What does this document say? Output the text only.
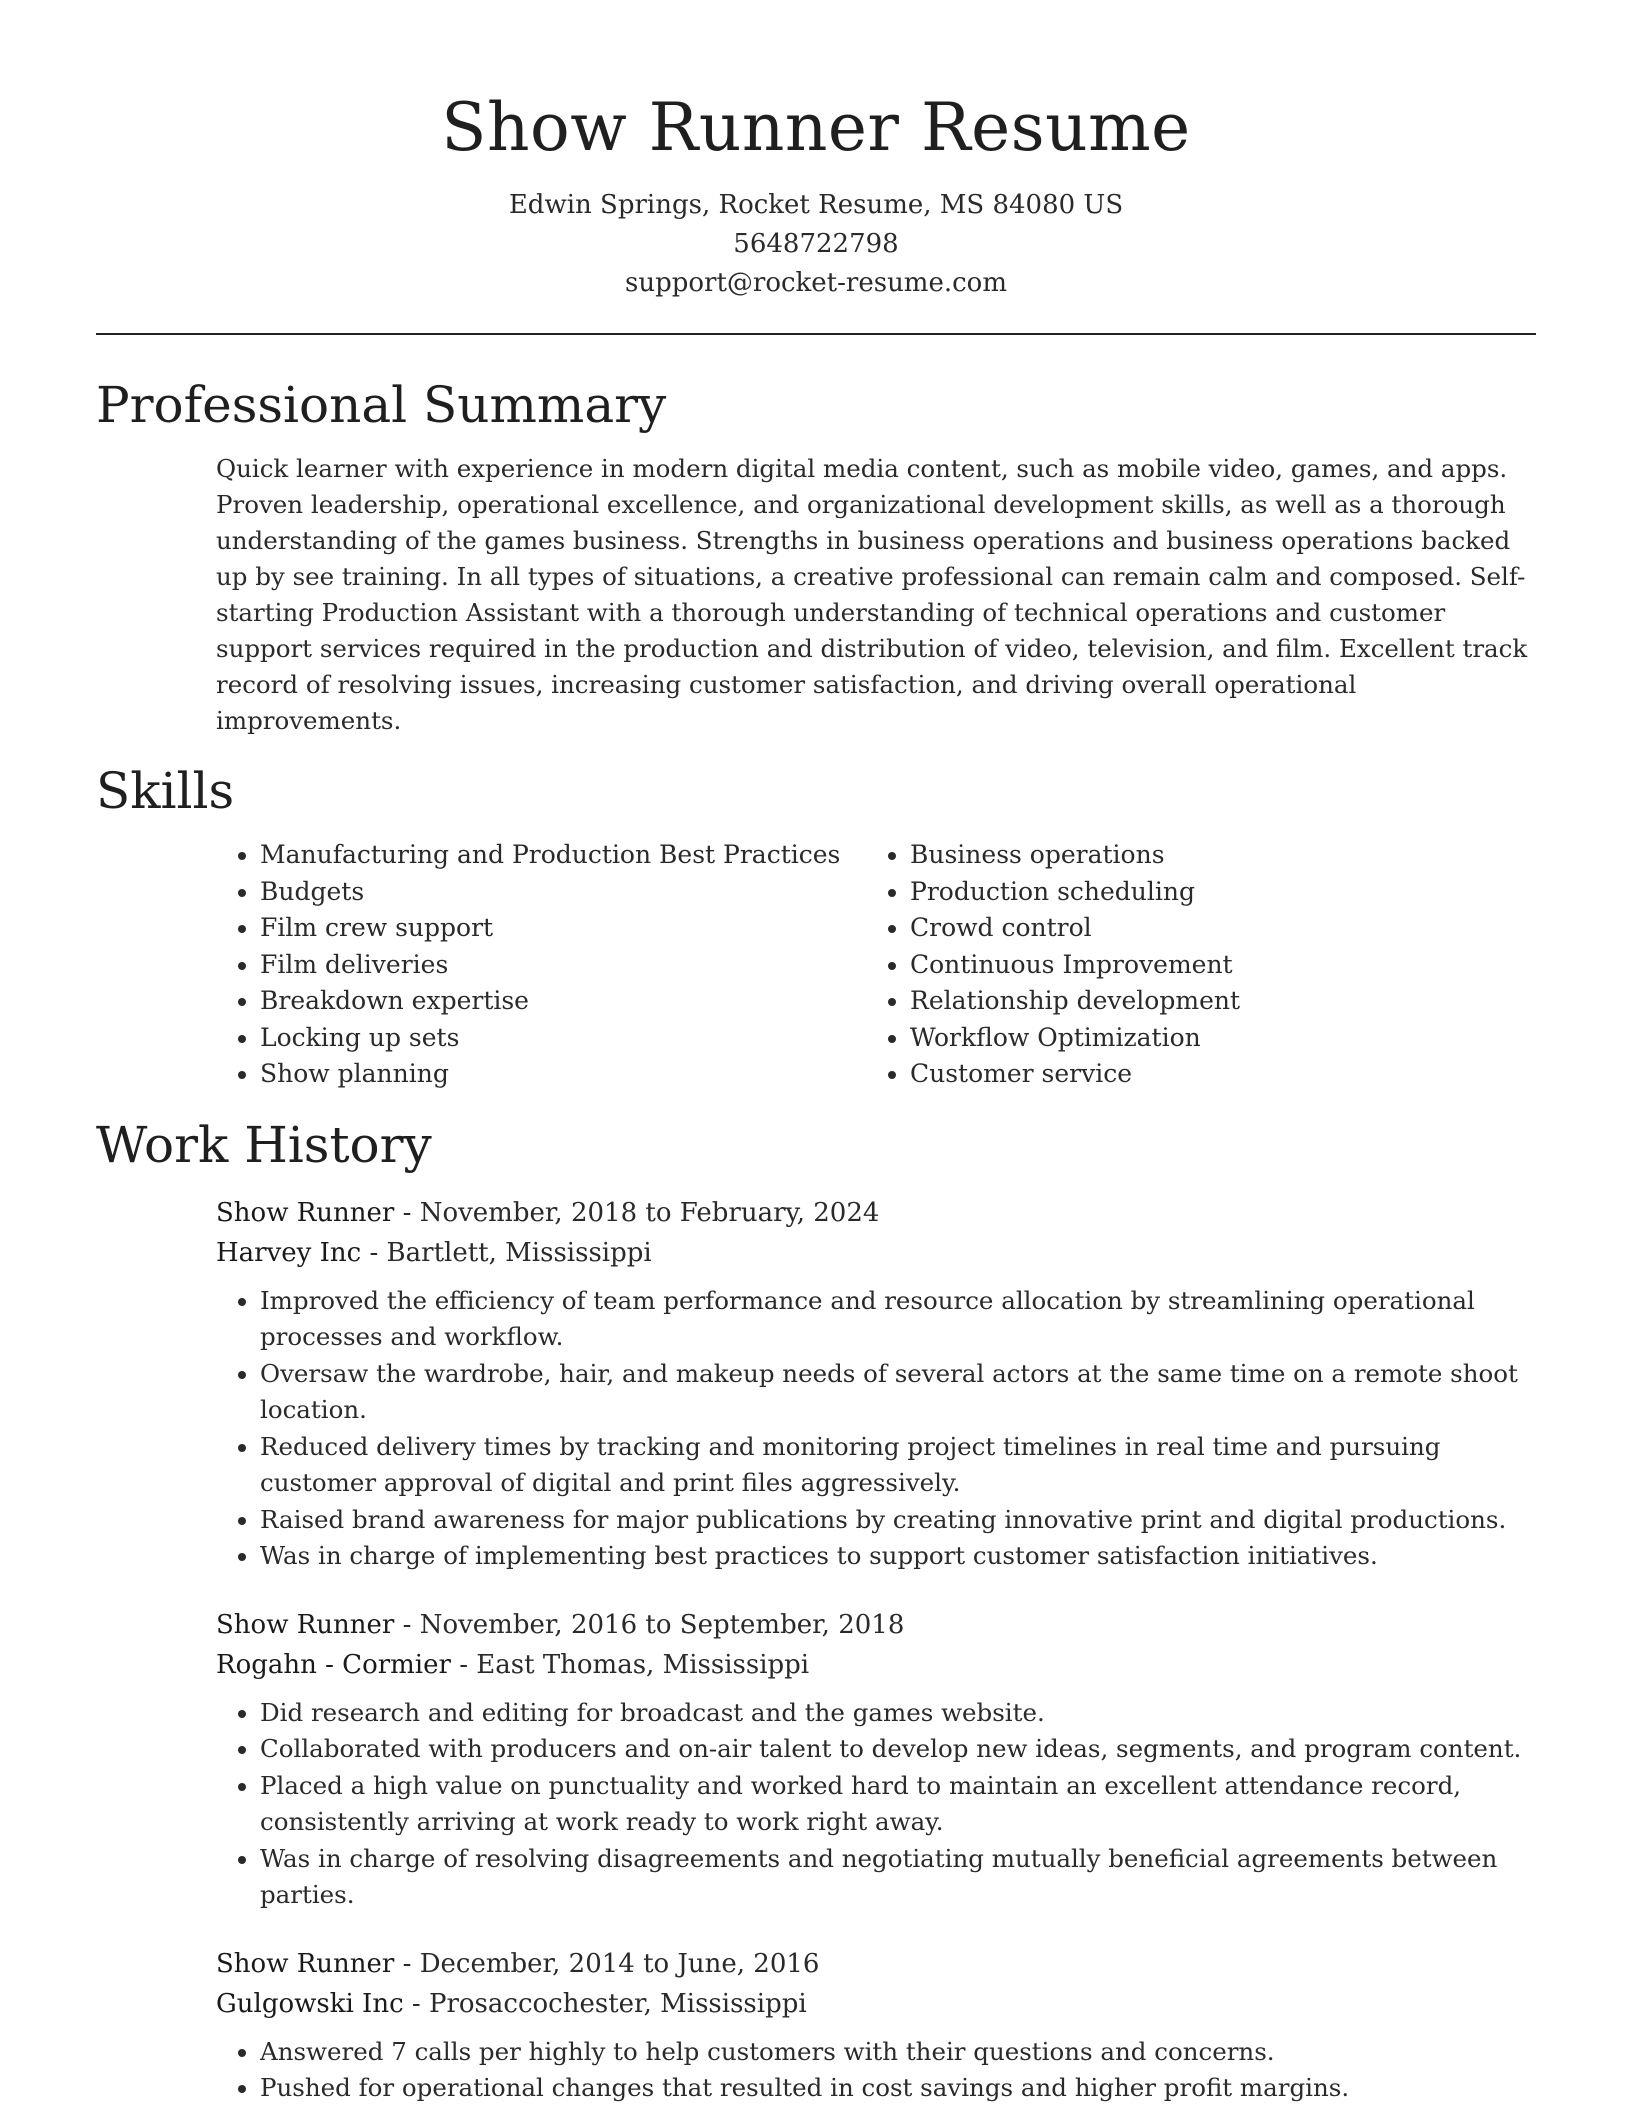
Show Runner Resume
Edwin Springs, Rocket Resume, MS 84080 US
5648722798
support@rocket-resume.com
Professional Summary

Quick learner with experience in modern digital media content, such as mobile video, games, and apps. Proven leadership, operational excellence, and organizational development skills, as well as a thorough understanding of the games business. Strengths in business operations and business operations backed up by see training. In all types of situations, a creative professional can remain calm and composed. Self-starting Production Assistant with a thorough understanding of technical operations and customer support services required in the production and distribution of video, television, and film. Excellent track record of resolving issues, increasing customer satisfaction, and driving overall operational improvements.

Skills
• Manufacturing and Production Best Practices
• Budgets
• Film crew support
• Film deliveries
• Breakdown expertise
• Locking up sets
• Show planning
• Business operations
• Production scheduling
• Crowd control
• Continuous Improvement
• Relationship development
• Workflow Optimization
• Customer service
Work History
Show Runner - November, 2018 to February, 2024
Harvey Inc - Bartlett, Mississippi
• Improved the efficiency of team performance and resource allocation by streamlining operational processes and workflow.
• Oversaw the wardrobe, hair, and makeup needs of several actors at the same time on a remote shoot location.
• Reduced delivery times by tracking and monitoring project timelines in real time and pursuing customer approval of digital and print files aggressively.
• Raised brand awareness for major publications by creating innovative print and digital productions.
• Was in charge of implementing best practices to support customer satisfaction initiatives.
Show Runner - November, 2016 to September, 2018
Rogahn - Cormier - East Thomas, Mississippi
• Did research and editing for broadcast and the games website.
• Collaborated with producers and on-air talent to develop new ideas, segments, and program content.
• Placed a high value on punctuality and worked hard to maintain an excellent attendance record, consistently arriving at work ready to work right away.
• Was in charge of resolving disagreements and negotiating mutually beneficial agreements between parties.
Show Runner - December, 2014 to June, 2016
Gulgowski Inc - Prosaccochester, Mississippi
• Answered 7 calls per highly to help customers with their questions and concerns.
• Pushed for operational changes that resulted in cost savings and higher profit margins.
